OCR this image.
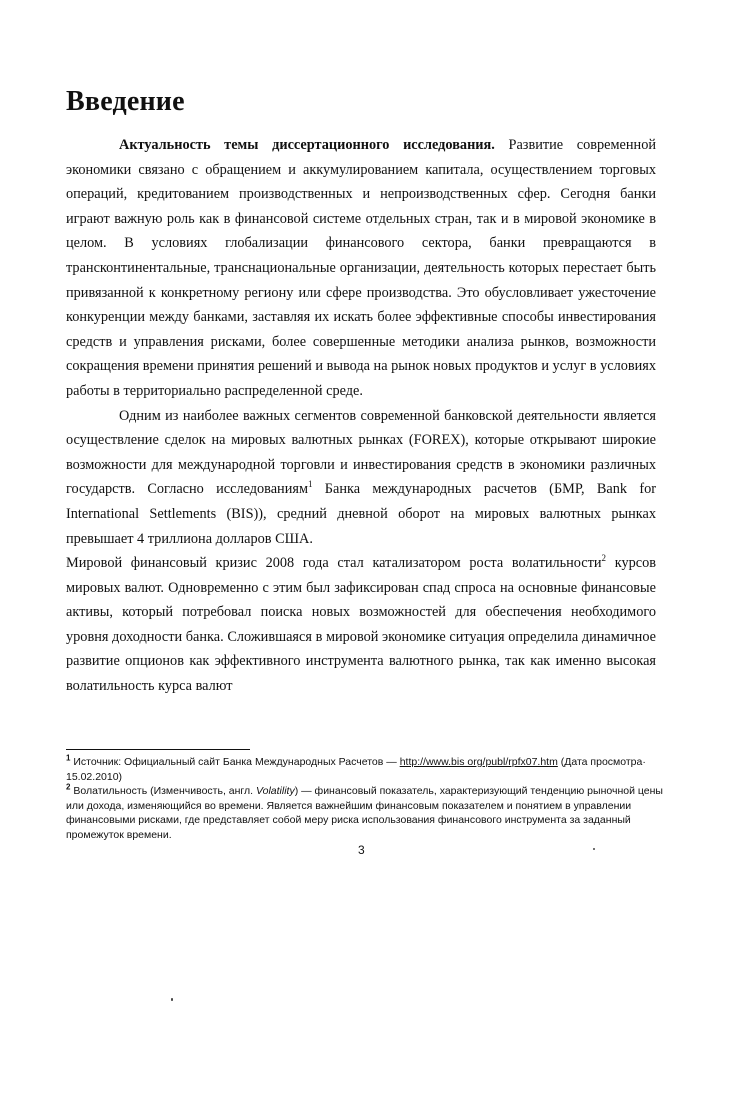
Введение

Актуальность темы диссертационного исследования. Развитие современной экономики связано с обращением и аккумулированием капитала, осуществлением торговых операций, кредитованием производственных и непроизводственных сфер. Сегодня банки играют важную роль как в финансовой системе отдельных стран, так и в мировой экономике в целом. В условиях глобализации финансового сектора, банки превращаются в трансконтинентальные, транснациональные организации, деятельность которых перестает быть привязанной к конкретному региону или сфере производства. Это обусловливает ужесточение конкуренции между банками, заставляя их искать более эффективные способы инвестирования средств и управления рисками, более совершенные методики анализа рынков, возможности сокращения времени принятия решений и вывода на рынок новых продуктов и услуг в условиях работы в территориально распределенной среде.

Одним из наиболее важных сегментов современной банковской деятельности является осуществление сделок на мировых валютных рынках (FOREX), которые открывают широкие возможности для международной торговли и инвестирования средств в экономики различных государств. Согласно исследованиям$^1$ Банка международных расчетов (БМР, Bank for International Settlements (BIS)), средний дневной оборот на мировых валютных рынках превышает 4 триллиона долларов США.

Мировой финансовый кризис 2008 года стал катализатором роста волатильности$^2$ курсов мировых валют. Одновременно с этим был зафиксирован спад спроса на основные финансовые активы, который потребовал поиска новых возможностей для обеспечения необходимого уровня доходности банка. Сложившаяся в мировой экономике ситуация определила динамичное развитие опционов как эффективного инструмента валютного рынка, так как именно высокая волатильность курса валют

$^1$ Источник: Официальный сайт Банка Международных Расчетов — http://www.bis org/publ/rpfx07.htm (Дата просмотра· 15.02.2010)

$^2$ Волатильность (Изменчивость, англ. Volatility) — финансовый показатель, характеризующий тенденцию рыночной цены или дохода, изменяющийся во времени. Является важнейшим финансовым показателем и понятием в управлении финансовыми рисками, где представляет собой меру риска использования финансового инструмента за заданный промежуток времени.

3
